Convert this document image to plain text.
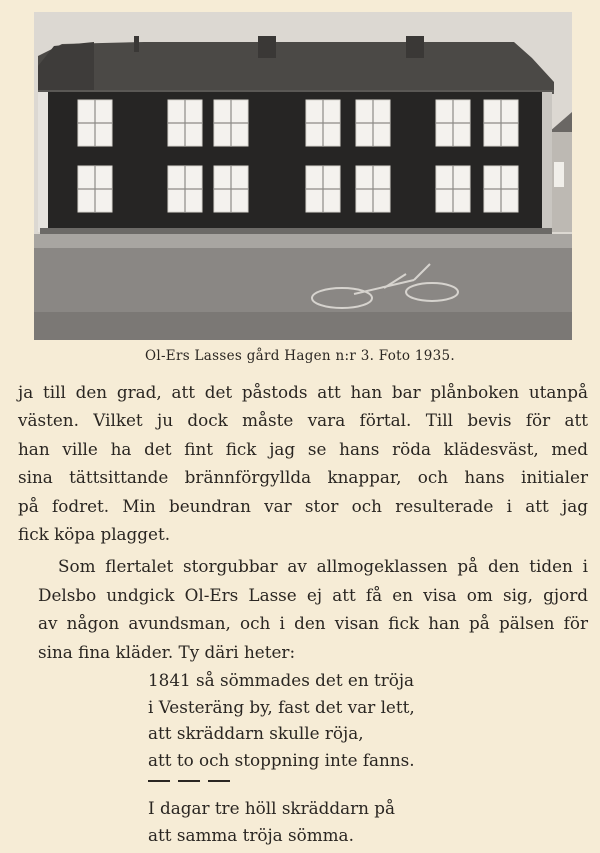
Ol-Ers Lasses gård Hagen n:r 3. Foto 1935.

ja till den grad, att det påstods att han bar plånboken utanpå
västen. Vilket ju dock måste vara förtal. Till bevis för att
han ville ha det fint fick jag se hans röda klädesväst, med
sina tättsittande brännförgyllda knappar, och hans initialer
på fodret. Min beundran var stor och resulterade i att jag
fick köpa plagget.

Som flertalet storgubbar av allmogeklassen på den tiden i
Delsbo undgick Ol-Ers Lasse ej att få en visa om sig, gjord
av någon avundsman, och i den visan fick han på pälsen för
sina fina kläder. Ty däri heter:

1841 så sömmades det en tröja
i Vesteräng by, fast det var lett,
att skräddarn skulle röja,
att to och stoppning inte fanns.
I dagar tre höll skräddarn på
att samma tröja sömma.
